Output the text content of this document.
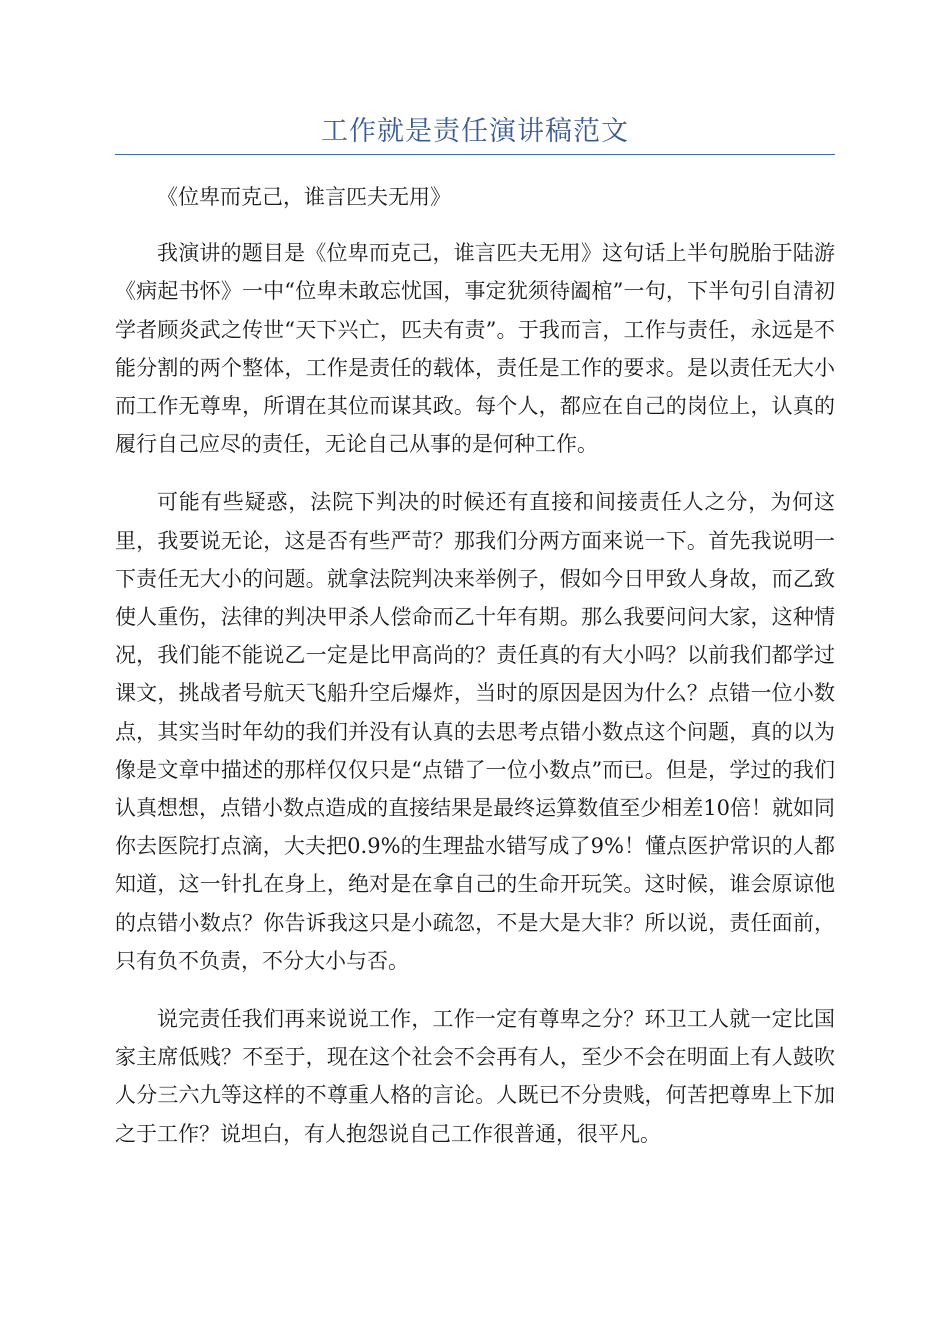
工作就是责任演讲稿范文

《位卑而克己，谁言匹夫无用》

我演讲的题目是《位卑而克己，谁言匹夫无用》这句话上半句脱胎于陆游《病起书怀》一中“位卑未敢忘忧国，事定犹须待阖棺”一句，下半句引自清初学者顾炎武之传世“天下兴亡，匹夫有责”。于我而言，工作与责任，永远是不能分割的两个整体，工作是责任的载体，责任是工作的要求。是以责任无大小而工作无尊卑，所谓在其位而谋其政。每个人，都应在自己的岗位上，认真的履行自己应尽的责任，无论自己从事的是何种工作。

可能有些疑惑，法院下判决的时候还有直接和间接责任人之分，为何这里，我要说无论，这是否有些严苛？那我们分两方面来说一下。首先我说明一下责任无大小的问题。就拿法院判决来举例子，假如今日甲致人身故，而乙致使人重伤，法律的判决甲杀人偿命而乙十年有期。那么我要问问大家，这种情况，我们能不能说乙一定是比甲高尚的？责任真的有大小吗？以前我们都学过课文，挑战者号航天飞船升空后爆炸，当时的原因是因为什么？点错一位小数点，其实当时年幼的我们并没有认真的去思考点错小数点这个问题，真的以为像是文章中描述的那样仅仅只是“点错了一位小数点”而已。但是，学过的我们认真想想，点错小数点造成的直接结果是最终运算数值至少相差10倍！就如同你去医院打点滴，大夫把0.9%的生理盐水错写成了9%！懂点医护常识的人都知道，这一针扎在身上，绝对是在拿自己的生命开玩笑。这时候，谁会原谅他的点错小数点？你告诉我这只是小疏忽，不是大是大非？所以说，责任面前，只有负不负责，不分大小与否。

说完责任我们再来说说工作，工作一定有尊卑之分？环卫工人就一定比国家主席低贱？不至于，现在这个社会不会再有人，至少不会在明面上有人鼓吹人分三六九等这样的不尊重人格的言论。人既已不分贵贱，何苦把尊卑上下加之于工作？说坦白，有人抱怨说自己工作很普通，很平凡。
